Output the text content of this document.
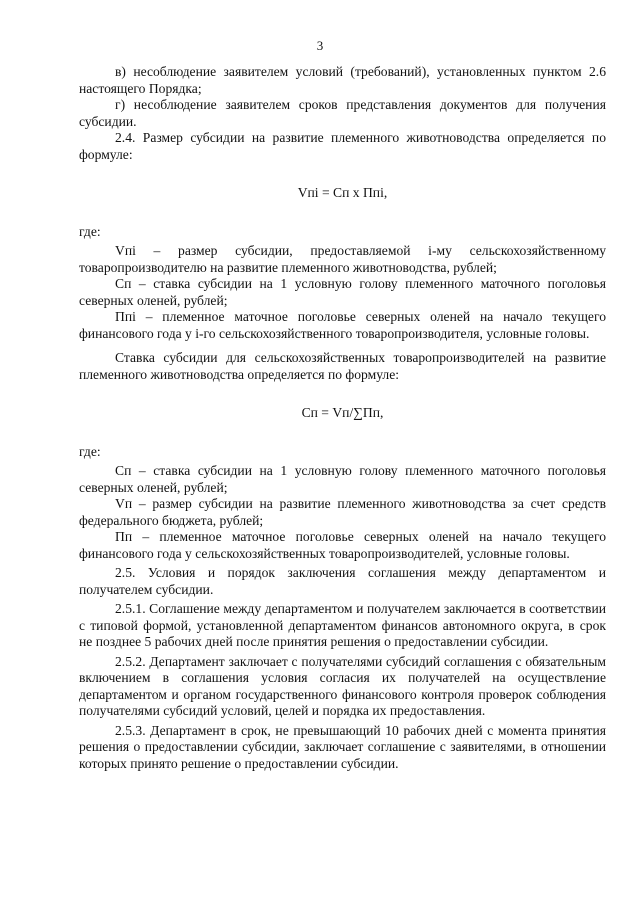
3

в) несоблюдение заявителем условий (требований), установленных пунктом 2.6 настоящего Порядка;

г) несоблюдение заявителем сроков представления документов для получения субсидии.

2.4. Размер субсидии на развитие племенного животноводства определяется по формуле:

Vпi = Сп х Ппi,

где:

Vпi – размер субсидии, предоставляемой i-му сельскохозяйственному товаропроизводителю на развитие племенного животноводства, рублей;

Сп – ставка субсидии на 1 условную голову племенного маточного поголовья северных оленей, рублей;

Ппi – племенное маточное поголовье северных оленей на начало текущего финансового года у i-го сельскохозяйственного товаропроизводителя, условные головы.

Ставка субсидии для сельскохозяйственных товаропроизводителей на развитие племенного животноводства определяется по формуле:

Сп = Vп/∑Пп,

где:

Сп – ставка субсидии на 1 условную голову племенного маточного поголовья северных оленей, рублей;

Vп – размер субсидии на развитие племенного животноводства за счет средств федерального бюджета, рублей;

Пп – племенное маточное поголовье северных оленей на начало текущего финансового года у сельскохозяйственных товаропроизводителей, условные головы.

2.5. Условия и порядок заключения соглашения между департаментом и получателем субсидии.

2.5.1. Соглашение между департаментом и получателем заключается в соответствии с типовой формой, установленной департаментом финансов автономного округа, в срок не позднее 5 рабочих дней после принятия решения о предоставлении субсидии.

2.5.2. Департамент заключает с получателями субсидий соглашения с обязательным включением в соглашения условия согласия их получателей на осуществление департаментом и органом государственного финансового контроля проверок соблюдения получателями субсидий условий, целей и порядка их предоставления.

2.5.3. Департамент в срок, не превышающий 10 рабочих дней с момента принятия решения о предоставлении субсидии, заключает соглашение с заявителями, в отношении которых принято решение о предоставлении субсидии.
